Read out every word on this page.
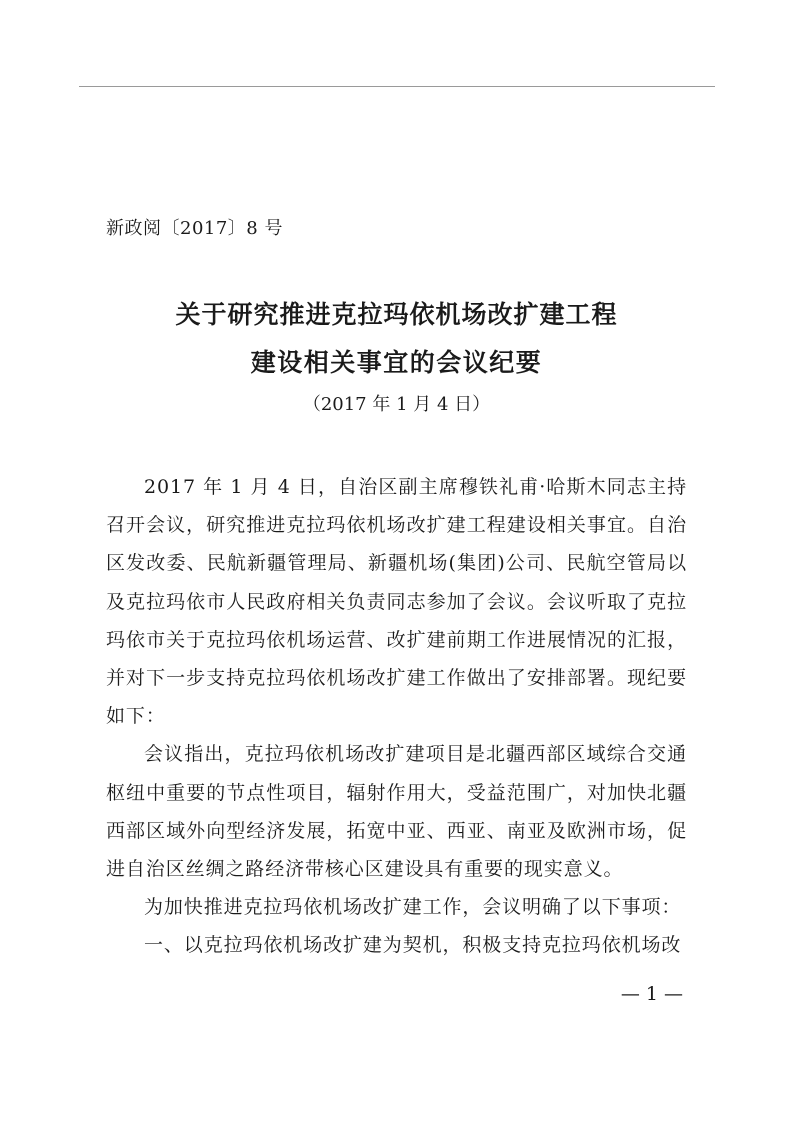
新政阅〔2017〕8 号
关于研究推进克拉玛依机场改扩建工程
建设相关事宜的会议纪要
（2017 年 1 月 4 日）

2017 年 1 月 4 日，自治区副主席穆铁礼甫·哈斯木同志主持召开会议，研究推进克拉玛依机场改扩建工程建设相关事宜。自治区发改委、民航新疆管理局、新疆机场(集团)公司、民航空管局以及克拉玛依市人民政府相关负责同志参加了会议。会议听取了克拉玛依市关于克拉玛依机场运营、改扩建前期工作进展情况的汇报，并对下一步支持克拉玛依机场改扩建工作做出了安排部署。现纪要如下：

会议指出，克拉玛依机场改扩建项目是北疆西部区域综合交通枢纽中重要的节点性项目，辐射作用大，受益范围广，对加快北疆西部区域外向型经济发展，拓宽中亚、西亚、南亚及欧洲市场，促进自治区丝绸之路经济带核心区建设具有重要的现实意义。

为加快推进克拉玛依机场改扩建工作，会议明确了以下事项：

一、以克拉玛依机场改扩建为契机，积极支持克拉玛依机场改

— 1 —
